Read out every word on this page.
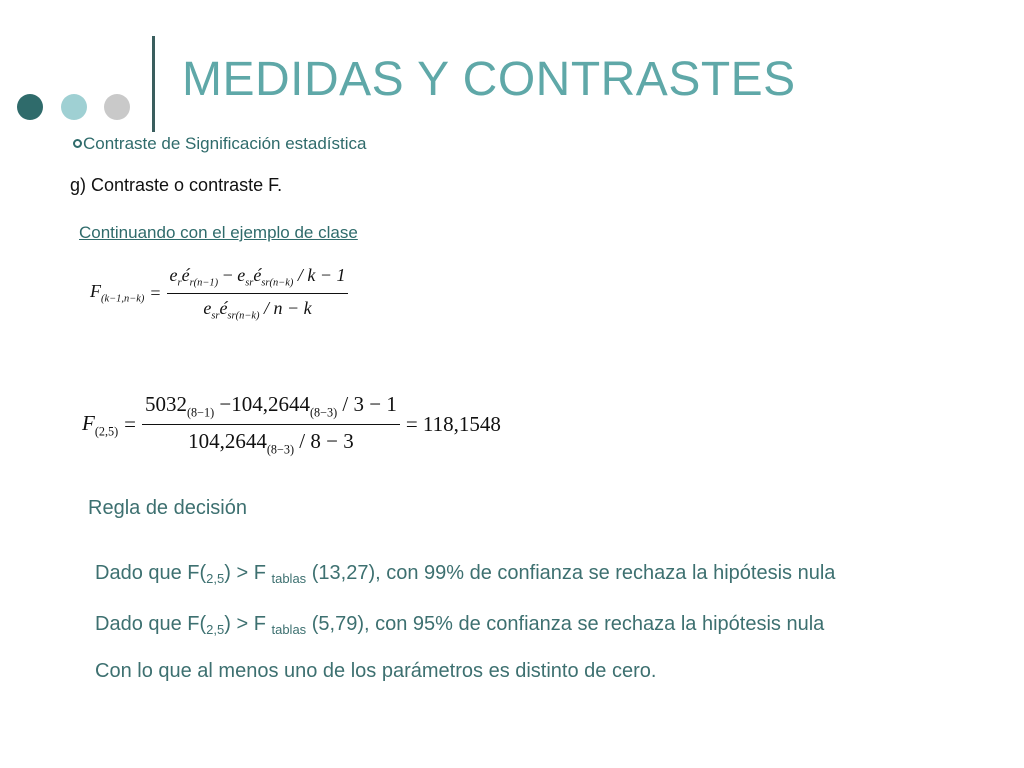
MEDIDAS Y CONTRASTES
Contraste de Significación estadística
g) Contraste o contraste F.
Continuando con el ejemplo de clase
$F_{(k-1,n-k)} = \frac{e_ré_{r(n-1)} - e_{sr}é_{sr(n-k)} / k - 1}{e_{sr}é_{sr(n-k)} / n - k}$
$F_{(2,5)} = \frac{5032_{(8-1)} -104,2644_{(8-3)} / 3 - 1}{104,2644_{(8-3)} / 8 - 3} = 118,1548$
Regla de decisión
Dado que $F(_{2,5}) > F$ $_{tablas}$ (13,27), con 99% de confianza se rechaza la hipótesis nula
Dado que $F(_{2,5}) > F$ $_{tablas}$ (5,79), con 95% de confianza se rechaza la hipótesis nula
Con lo que al menos uno de los parámetros es distinto de cero.
